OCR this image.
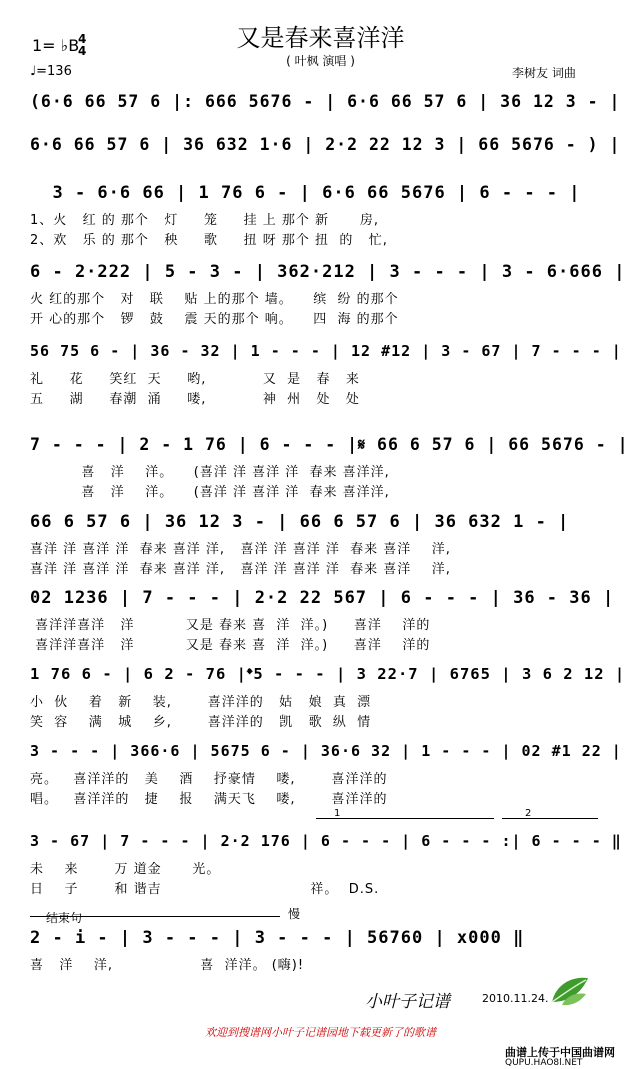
又是春来喜洋洋
( 叶枫 演唱 )
1= ♭B
4
4
♩=136	李树友 词曲
1	2
结束句	慢
(6·6 66 57 6 |: 666 5676 - | 6·6 66 57 6 | 36 12 3 - |
6·6 66 57 6 | 36 632 1·6 | 2·2 22 12 3 | 66 5676 - ) |
3 - 6·6 66 | 1 76 6 - | 6·6 66 5676 | 6 - - - |
1、火   红 的 那个   灯     笼     挂 上 那个 新      房,
2、欢   乐 的 那个   秧     歌     扭 呀 那个 扭  的   忙,
6 - 2·222 | 5 - 3 - | 362·212 | 3 - - - | 3 - 6·666 |
火 红的那个   对   联    贴 上的那个 墙。    缤  纷 的那个
开 心的那个   锣   鼓    震 天的那个 响。    四  海 的那个
56 75 6 - | 36 - 32 | 1 - - - | 12 #12 | 3 - 67 | 7 - - - |
礼     花     笑红  天     哟,           又  是   春   来
五     湖     春潮  涌     喽,           神  州   处   处
7 - - - | 2 - 1 76 | 6 - - - |𝄋 66 6 57 6 | 66 5676 - |
喜   洋    洋。    (喜洋 洋 喜洋 洋  春来 喜洋洋,
喜   洋    洋。    (喜洋 洋 喜洋 洋  春来 喜洋洋,
66 6 57 6 | 36 12 3 - | 66 6 57 6 | 36 632 1 - |
喜洋 洋 喜洋 洋  春来 喜洋 洋,   喜洋 洋 喜洋 洋  春来 喜洋    洋,
喜洋 洋 喜洋 洋  春来 喜洋 洋,   喜洋 洋 喜洋 洋  春来 喜洋    洋,
02 1236 | 7 - - - | 2·2 22 567 | 6 - - - | 36 - 36 |
喜洋洋喜洋   洋          又是 春来 喜  洋  洋。)     喜洋    洋的
喜洋洋喜洋   洋          又是 春来 喜  洋  洋。)     喜洋    洋的
1 76 6 - | 6 2 - 76 |𝄌5 - - - | 3 22·7 | 6765 | 3 6 2 12 |
小  伙    着   新    装,       喜洋洋的   姑   娘  真  漂
笑  容    满   城    乡,       喜洋洋的   凯   歌  纵  情
3 - - - | 366·6 | 5675 6 - | 36·6 32 | 1 - - - | 02 #1 22 |
亮。   喜洋洋的   美    酒    抒豪情    喽,       喜洋洋的
唱。   喜洋洋的   捷    报    满天飞    喽,       喜洋洋的
3 - 67 | 7 - - - | 2·2 176 | 6 - - - | 6 - - - :| 6 - - - ‖
未    来       万 道金      光。
日    子       和 谐吉                             祥。  D.S.
2 - i - | 3 - - - | 3 - - - | 56760 | x000 ‖
喜   洋    洋,                 喜  洋洋。 (嗨)!
小叶子记谱	2010.11.24.
欢迎到搜谱网小叶子记谱园地下载更新了的歌谱
曲谱上传于中国曲谱网
QUPU.HAO8l.NET
